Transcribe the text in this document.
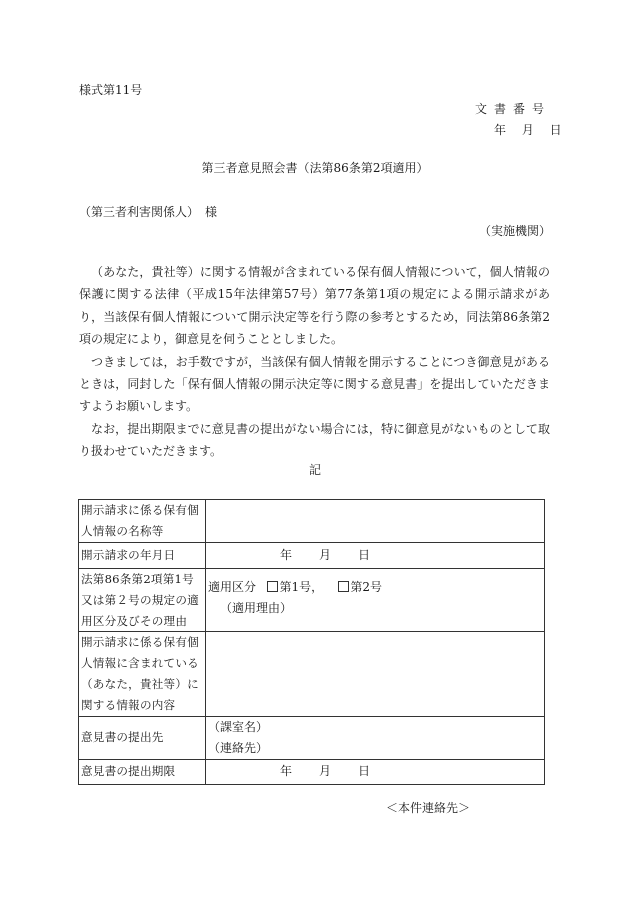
様式第11号
文書番号
年 月 日
第三者意見照会書（法第86条第2項適用）
（第三者利害関係人）　様
（実施機関）

（あなた，貴社等）に関する情報が含まれている保有個人情報について，個人情報の保護に関する法律（平成15年法律第57号）第77条第1項の規定による開示請求があり，当該保有個人情報について開示決定等を行う際の参考とするため，同法第86条第2項の規定により，御意見を伺うこととしました。

つきましては，お手数ですが，当該保有個人情報を開示することにつき御意見があるときは，同封した「保有個人情報の開示決定等に関する意見書」を提出していただきますようお願いします。

なお，提出期限までに意見書の提出がない場合には，特に御意見がないものとして取り扱わせていただきます。

記
開示請求に係る保有個人情報の名称等	
開示請求の年月日	年　　月　　日
法第86条第2項第1号又は第２号の規定の適用区分及びその理由	適用区分 第1号， 第2号
（適用理由）

開示請求に係る保有個人情報に含まれている（あなた，貴社等）に関する情報の内容	
意見書の提出先	（課室名）
（連絡先）

意見書の提出期限	年　　月　　日
＜本件連絡先＞
